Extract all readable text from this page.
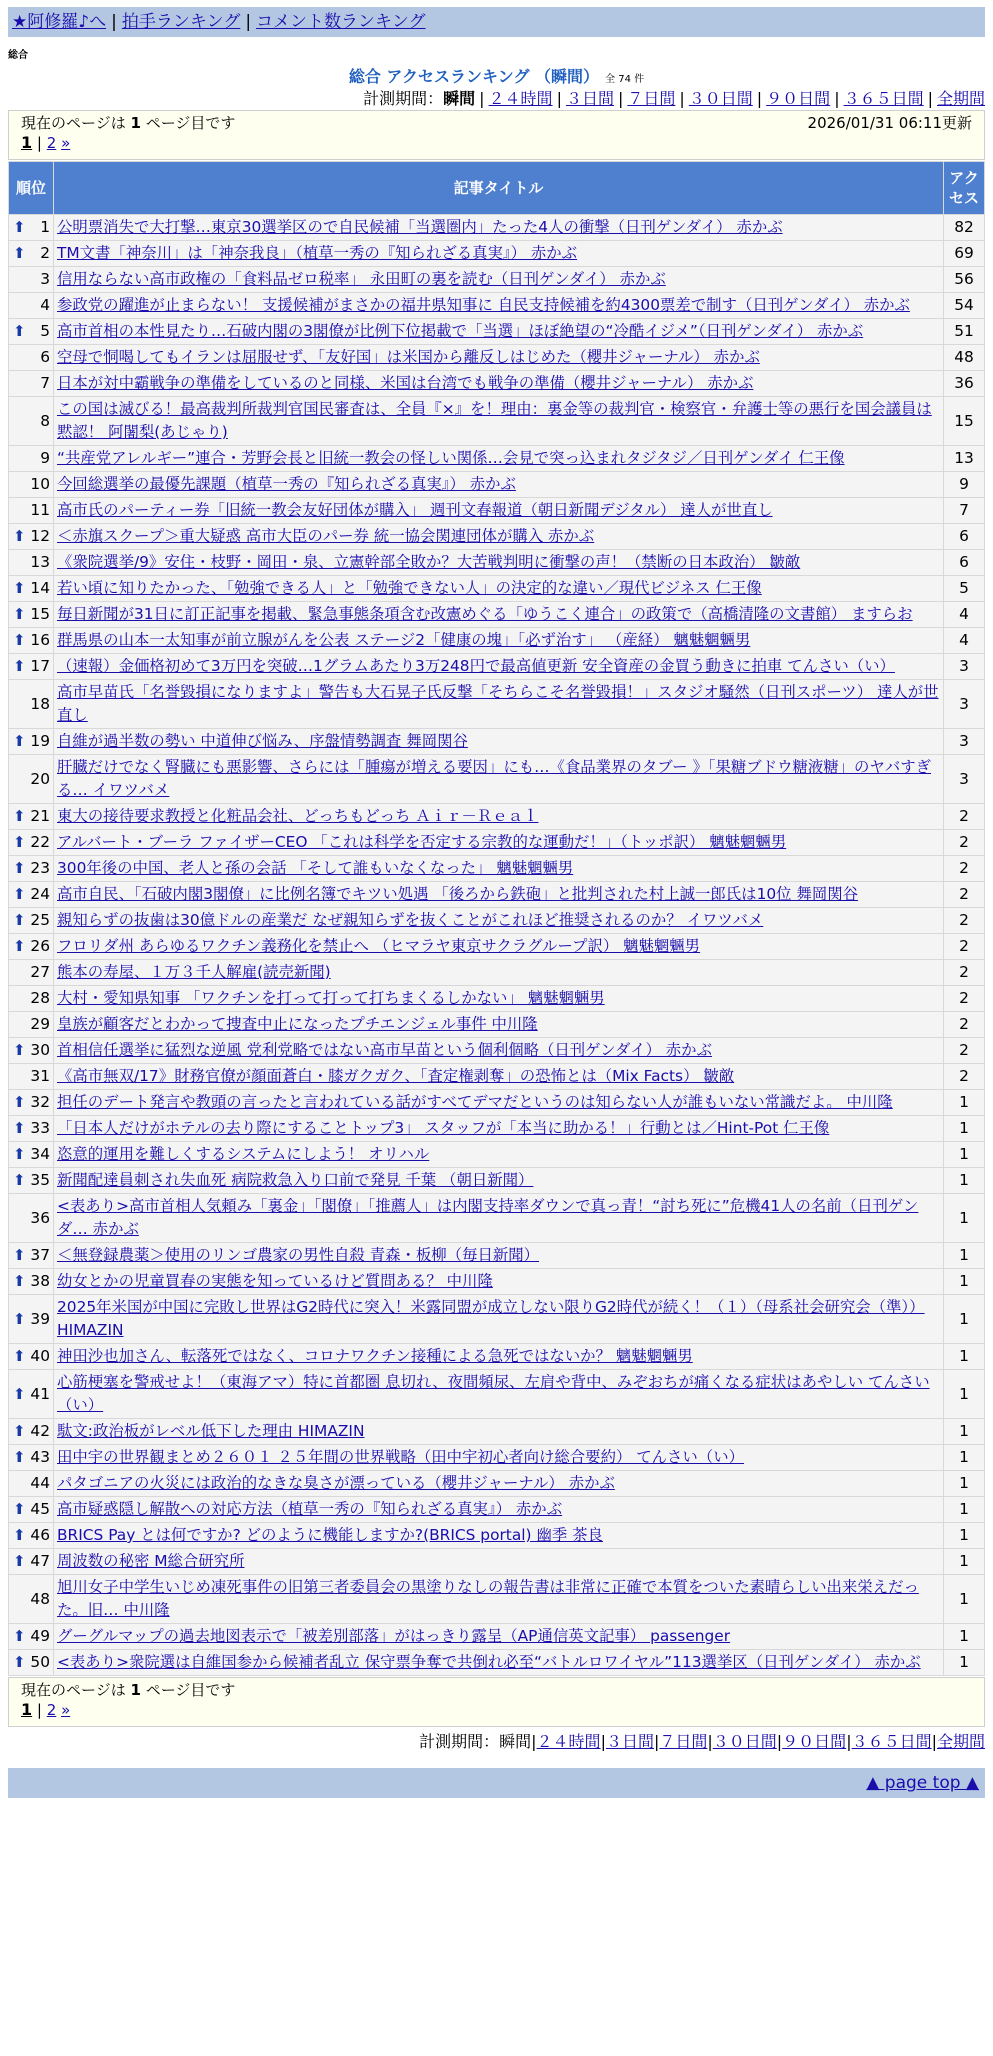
★阿修羅♪へ | 拍手ランキング | コメント数ランキング
総合
総合 アクセスランキング （瞬間） 全 74 件
計測期間：瞬間 | ２４時間 | ３日間 | ７日間 | ３０日間 | ９０日間 | ３６５日間 | 全期間
現在のページは 1 ページ目です	2026/01/31 06:11更新
1 | 2 »
順位	記事タイトル	アクセス

⬆ 1	公明票消失で大打撃…東京30選挙区ので自民候補「当選圏内」たった4人の衝撃（日刊ゲンダイ） 赤かぶ	82

⬆ 2	TM文書「神奈川」は「神奈我良」（植草一秀の『知られざる真実』） 赤かぶ	69
3	信用ならない高市政権の「食料品ゼロ税率」 永田町の裏を読む（日刊ゲンダイ） 赤かぶ	56
4	参政党の躍進が止まらない！ 支援候補がまさかの福井県知事に 自民支持候補を約4300票差で制す（日刊ゲンダイ） 赤かぶ	54

⬆ 5	高市首相の本性見たり…石破内閣の3閣僚が比例下位掲載で「当選」ほぼ絶望の“冷酷イジメ”（日刊ゲンダイ） 赤かぶ	51
6	空母で恫喝してもイランは屈服せず、「友好国」は米国から離反しはじめた（櫻井ジャーナル） 赤かぶ	48
7	日本が対中霸戦争の準備をしているのと同様、米国は台湾でも戦争の準備（櫻井ジャーナル） 赤かぶ	36
8	この国は滅びる！最高裁判所裁判官国民審査は、全員『×』を！理由：裏金等の裁判官・検察官・弁護士等の悪行を国会議員は黙認！ 阿闍梨(あじゃり)	15
9	“共産党アレルギー”連合・芳野会長と旧統一教会の怪しい関係…会見で突っ込まれタジタジ／日刊ゲンダイ 仁王像	13
10	今回総選挙の最優先課題（植草一秀の『知られざる真実』） 赤かぶ	9
11	高市氏のパーティー券「旧統一教会友好団体が購入」 週刊文春報道（朝日新聞デジタル） 達人が世直し	7

⬆ 12	＜赤旗スクープ＞重大疑惑 高市大臣のパー券 統一協会関連団体が購入 赤かぶ	6
13	《衆院選挙/9》安住・枝野・岡田・泉、立憲幹部全敗か？大苦戦判明に衝撃の声！（禁断の日本政治） 皺敵	6

⬆ 14	若い頃に知りたかった、「勉強できる人」と「勉強できない人」の決定的な違い／現代ビジネス 仁王像	5

⬆ 15	毎日新聞が31日に訂正記事を掲載、緊急事態条項含む改憲めぐる「ゆうこく連合」の政策で（高橋清隆の文書館） ますらお	4

⬆ 16	群馬県の山本一太知事が前立腺がんを公表 ステージ2「健康の塊」「必ず治す」 （産経） 魑魅魍魎男	4

⬆ 17	（速報）金価格初めて3万円を突破…1グラムあたり3万248円で最高値更新 安全資産の金買う動きに拍車 てんさい（い）	3
18	高市早苗氏「名誉毀損になりますよ」警告も大石晃子氏反撃「そちらこそ名誉毀損！」スタジオ騒然（日刊スポーツ） 達人が世直し	3

⬆ 19	自維が過半数の勢い 中道伸び悩み、序盤情勢調査 舞岡関谷	3
20	肝臓だけでなく腎臓にも悪影響、さらには「腫瘍が増える要因」にも…《食品業界のタブー 》「果糖ブドウ糖液糖」のヤバすぎる… イワツバメ	3

⬆ 21	東大の接待要求教授と化粧品会社、どっちもどっち Ａｉｒ－Ｒｅａｌ	2

⬆ 22	アルバート・ブーラ ファイザーCEO 「これは科学を否定する宗教的な運動だ！」（トッポ訳） 魑魅魍魎男	2

⬆ 23	300年後の中国、老人と孫の会話 「そして誰もいなくなった」 魑魅魍魎男	2

⬆ 24	高市自民、「石破内閣3閣僚」に比例名簿でキツい処遇 「後ろから鉄砲」と批判された村上誠一郎氏は10位 舞岡関谷	2

⬆ 25	親知らずの抜歯は30億ドルの産業だ なぜ親知らずを抜くことがこれほど推奨されるのか？ イワツバメ	2

⬆ 26	フロリダ州 あらゆるワクチン義務化を禁止へ （ヒマラヤ東京サクラグループ訳） 魑魅魍魎男	2
27	熊本の寿屋、１万３千人解雇(読売新聞)	2
28	大村・愛知県知事 「ワクチンを打って打って打ちまくるしかない」 魑魅魍魎男	2
29	皇族が顧客だとわかって捜査中止になったプチエンジェル事件 中川隆	2

⬆ 30	首相信任選挙に猛烈な逆風 党利党略ではない高市早苗という個利個略（日刊ゲンダイ） 赤かぶ	2
31	《高市無双/17》財務官僚が顔面蒼白・膝ガクガク、「査定権剥奪」の恐怖とは（Mix Facts） 皺敵	2

⬆ 32	担任のデート発言や教頭の言ったと言われている話がすべてデマだというのは知らない人が誰もいない常識だよ。 中川隆	1

⬆ 33	「日本人だけがホテルの去り際にすることトップ3」 スタッフが「本当に助かる！」行動とは／Hint-Pot 仁王像	1

⬆ 34	恣意的運用を難しくするシステムにしよう！ オリハル	1

⬆ 35	新聞配達員刺され失血死 病院救急入り口前で発見 千葉 （朝日新聞）	1
36	<表あり>高市首相人気頼み「裏金」「閣僚」「推薦人」は内閣支持率ダウンで真っ青！“討ち死に”危機41人の名前（日刊ゲンダ… 赤かぶ	1

⬆ 37	＜無登録農薬＞使用のリンゴ農家の男性自殺 青森・板柳（毎日新聞）	1

⬆ 38	幼女とかの児童買春の実態を知っているけど質問ある？ 中川隆	1

⬆ 39	2025年米国が中国に完敗し世界はG2時代に突入！米露同盟が成立しない限りG2時代が続く！（１）（母系社会研究会（準）） HIMAZIN	1

⬆ 40	神田沙也加さん、転落死ではなく、コロナワクチン接種による急死ではないか？ 魑魅魍魎男	1

⬆ 41	心筋梗塞を警戒せよ！（東海アマ）特に首都圏 息切れ、夜間頻尿、左肩や背中、みぞおちが痛くなる症状はあやしい てんさい（い）	1

⬆ 42	駄文:政治板がレベル低下した理由 HIMAZIN	1

⬆ 43	田中宇の世界観まとめ２６０１ ２５年間の世界戦略（田中宇初心者向け総合要約） てんさい（い）	1
44	パタゴニアの火災には政治的なきな臭さが漂っている（櫻井ジャーナル） 赤かぶ	1

⬆ 45	高市疑惑隠し解散への対応方法（植草一秀の『知られざる真実』） 赤かぶ	1

⬆ 46	BRICS Pay とは何ですか? どのように機能しますか?(BRICS portal) 幽季 茶良	1

⬆ 47	周波数の秘密 M総合研究所	1
48	旭川女子中学生いじめ凍死事件の旧第三者委員会の黒塗りなしの報告書は非常に正確で本質をついた素晴らしい出来栄えだった。旧… 中川隆	1

⬆ 49	グーグルマップの過去地図表示で「被差別部落」がはっきり露呈（AP通信英文記事） passenger	1

⬆ 50	<表あり>衆院選は自維国参から候補者乱立 保守票争奪で共倒れ必至“バトルロワイヤル”113選挙区（日刊ゲンダイ） 赤かぶ	1
現在のページは 1 ページ目です
1 | 2 »
計測期間：瞬間|２４時間|３日間|７日間|３０日間|９０日間|３６５日間|全期間
▲ page top ▲
